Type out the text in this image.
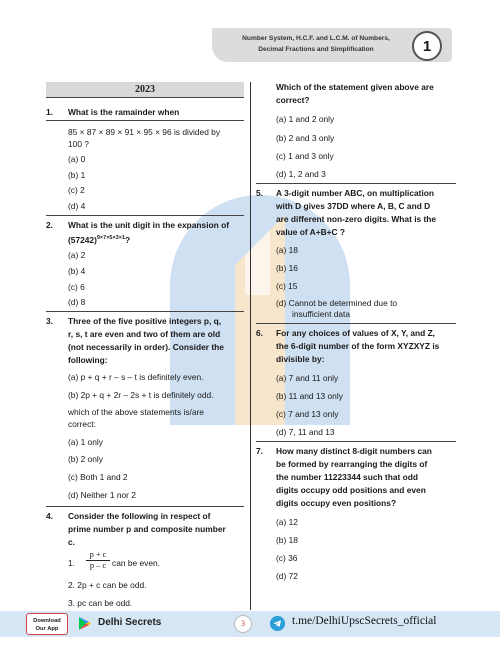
Number System, H.C.F. and L.C.M. of Numbers,
Decimal Fractions and Simplification	1
2023
1. What is the ramainder when
85 × 87 × 89 × 91 × 95 × 96 is divided by
100 ?
(a) 0
(b) 1
(c) 2
(d) 4
2. What is the unit digit in the expansion of
$(57242)^{9\times 7\times 5\times 3\times 1}$?
(a) 2
(b) 4
(c) 6
(d) 8
3. Three of the five positive integers p, q,
r, s, t are even and two of them are old
(not necessarily in order). Consider the
following:
(a) p + q + r – s – t is definitely even.
(b) 2p + q + 2r – 2s + t is definitely odd.
which of the above statements is/are
correct:
(a) 1 only
(b) 2 only
(c) Both 1 and 2
(d) Neither 1 nor 2
4. Consider the following in respect of
prime number p and composite number
c.
1.
p + c
p – c can be even.
2. 2p + c can be odd.
3. pc can be odd.
Which of the statement given above are
correct?
(a) 1 and 2 only
(b) 2 and 3 only
(c) 1 and 3 only
(d) 1, 2 and 3
5. A 3-digit number ABC, on multiplication
with D gives 37DD where A, B, C and D
are different non-zero digits. What is the
value of A+B+C ?
(a) 18
(b) 16
(c) 15
(d) Cannot be determined due to
insufficient data
6. For any choices of values of X, Y, and Z,
the 6-digit number of the form XYZXYZ is
divisible by:
(a) 7 and 11 only
(b) 11 and 13 only
(c) 7 and 13 only
(d) 7, 11 and 13
7. How many distinct 8-digit numbers can
be formed by rearranging the digits of
the number 11223344 such that odd
digits occupy odd positions and even
digits occupy even positions?
(a) 12
(b) 18
(c) 36
(d) 72
Download
Our App
Delhi Secrets	3	t.me/DelhiUpscSecrets_official
